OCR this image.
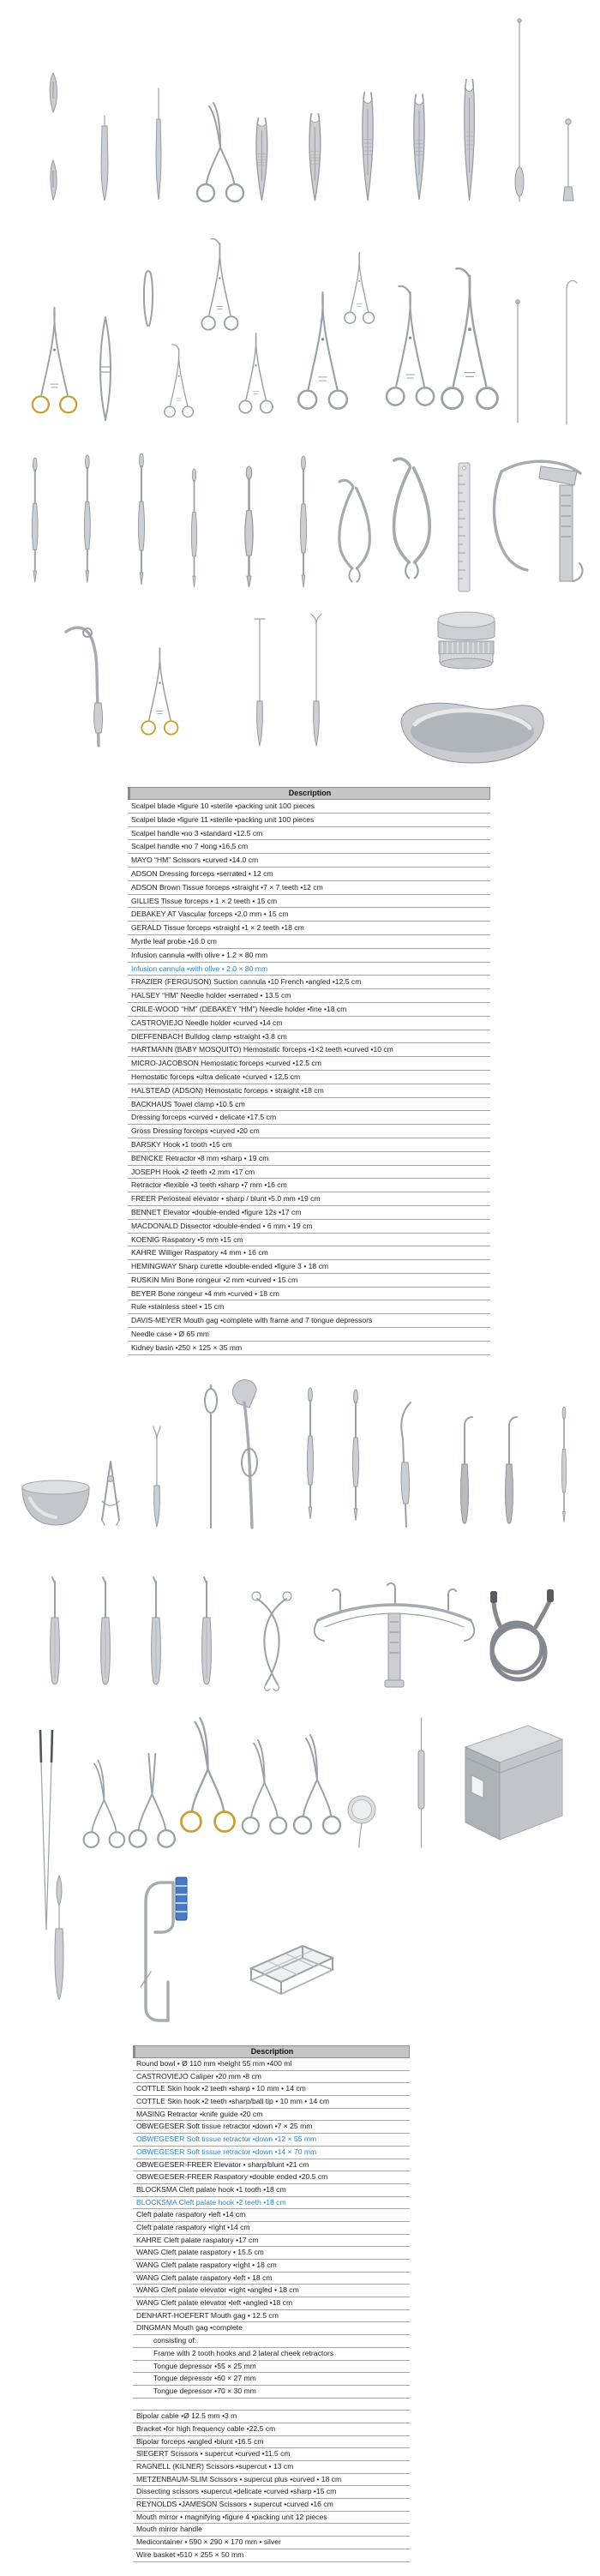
Description
Scalpel blade •figure 10 •sterile •packing unit 100 pieces
Scalpel blade •figure 11 •sterile •packing unit 100 pieces
Scalpel handle •no 3 •standard •12.5 cm
Scalpel handle •no 7 •long •16.5 cm
MAYO “HM” Scissors •curved •14.0 cm
ADSON Dressing forceps •serrated • 12 cm
ADSON Brown Tissue forceps •straight •7 × 7 teeth •12 cm
GILLIES Tissue forceps • 1 × 2 teeth • 15 cm
DEBAKEY AT Vascular forceps •2.0 mm • 15 cm
GERALD Tissue forceps •straight •1 × 2 teeth •18 cm
Myrtle leaf probe •16.0 cm
Infusion cannula •with olive • 1.2 × 80 mm
Infusion cannula •with olive • 2.0 × 80 mm
FRAZIER (FERGUSON) Suction cannula •10 French •angled •12.5 cm
HALSEY “HM” Needle holder •serrated • 13.5 cm
CRILE-WOOD “HM” (DEBAKEY “HM”) Needle holder •fine •18 cm
CASTROVIEJO Needle holder •curved •14 cm
DIEFFENBACH Bulldog clamp •straight •3.8 cm
HARTMANN (BABY MOSQUITO) Hemostatic forceps •1×2 teeth •curved •10 cm
MICRO-JACOBSON Hemostatic forceps •curved •12.5 cm
Hemostatic forceps •ultra delicate •curved • 12.5 cm
HALSTEAD (ADSON) Hemostatic forceps • straight •18 cm
BACKHAUS Towel clamp •10.5 cm
Dressing forceps •curved • delicate •17.5 cm
Gross Dressing forceps •curved •20 cm
BARSKY Hook •1 tooth •15 cm
BENICKE Retractor •8 mm •sharp • 19 cm
JOSEPH Hook •2 teeth •2 mm •17 cm
Retractor •flexible •3 teeth •sharp •7 mm •16 cm
FREER Periosteal elevator • sharp / blunt •5.0 mm •19 cm
BENNET Elevator •double-ended •figure 12s •17 cm
MACDONALD Dissector •double-ended • 6 mm • 19 cm
KOENIG Raspatory •5 mm •15 cm
KAHRE Williger Raspatory •4 mm • 16 cm
HEMINGWAY Sharp curette •double-ended •figure 3 • 18 cm
RUSKIN Mini Bone rongeur •2 mm •curved • 15 cm
BEYER Bone rongeur •4 mm •curved • 18 cm
Rule •stainless steel • 15 cm
DAVIS-MEYER Mouth gag •complete with frame and 7 tongue depressors
Needle case • Ø 65 mm
Kidney basin •250 × 125 × 35 mm
Description
Round bowl • Ø 110 mm •height 55 mm •400 ml
CASTROVIEJO Caliper •20 mm •8 cm
COTTLE Skin hook •2 teeth •sharp • 10 mm • 14 cm
COTTLE Skin hook •2 teeth •sharp/ball tip • 10 mm • 14 cm
MASING Retractor •knife guide •20 cm
OBWEGESER Soft tissue retractor •down •7 × 25 mm
OBWEGESER Soft tissue retractor •down •12 × 55 mm
OBWEGESER Soft tissue retractor •down •14 × 70 mm
OBWEGESER-FREER Elevator • sharp/blunt •21 cm
OBWEGESER-FREER Raspatory •double ended •20.5 cm
BLOCKSMA Cleft palate hook •1 tooth •18 cm
BLOCKSMA Cleft palate hook •2 teeth •18 cm
Cleft palate raspatory •left •14 cm
Cleft palate raspatory •right •14 cm
KAHRE Cleft palate raspatory •17 cm
WANG Cleft palate raspatory • 15.5 cm
WANG Cleft palate raspatory •right • 18 cm
WANG Cleft palate raspatory •left • 18 cm
WANG Cleft palate elevator •right •angled • 18 cm
WANG Cleft palate elevator •left •angled •18 cm
DENHART-HOEFERT Mouth gag • 12.5 cm
DINGMAN Mouth gag •complete
consisting of:
Frame with 2 tooth hooks and 2 lateral cheek retractors
Tongue depressor •55 × 25 mm
Tongue depressor •60 × 27 mm
Tongue depressor •70 × 30 mm
Bipolar cable •Ø 12.5 mm •3 m
Bracket •for high frequency cable •22.5 cm
Bipolar forceps •angled •blunt •16.5 cm
SIEGERT Scissors • supercut •curved •11.5 cm
RAGNELL (KILNER) Scissors •supercut • 13 cm
METZENBAUM-SLIM Scissors • supercut plus •curved • 18 cm
Dissecting scissors •supercut •delicate •curved •sharp •15 cm
REYNOLDS •JAMESON Scissors • supercut •curved •16 cm
Mouth mirror • magnifying •figure 4 •packing unit 12 pieces
Mouth mirror handle
Medicontainer • 590 × 290 × 170 mm • silver
Wire basket •510 × 255 × 50 mm
